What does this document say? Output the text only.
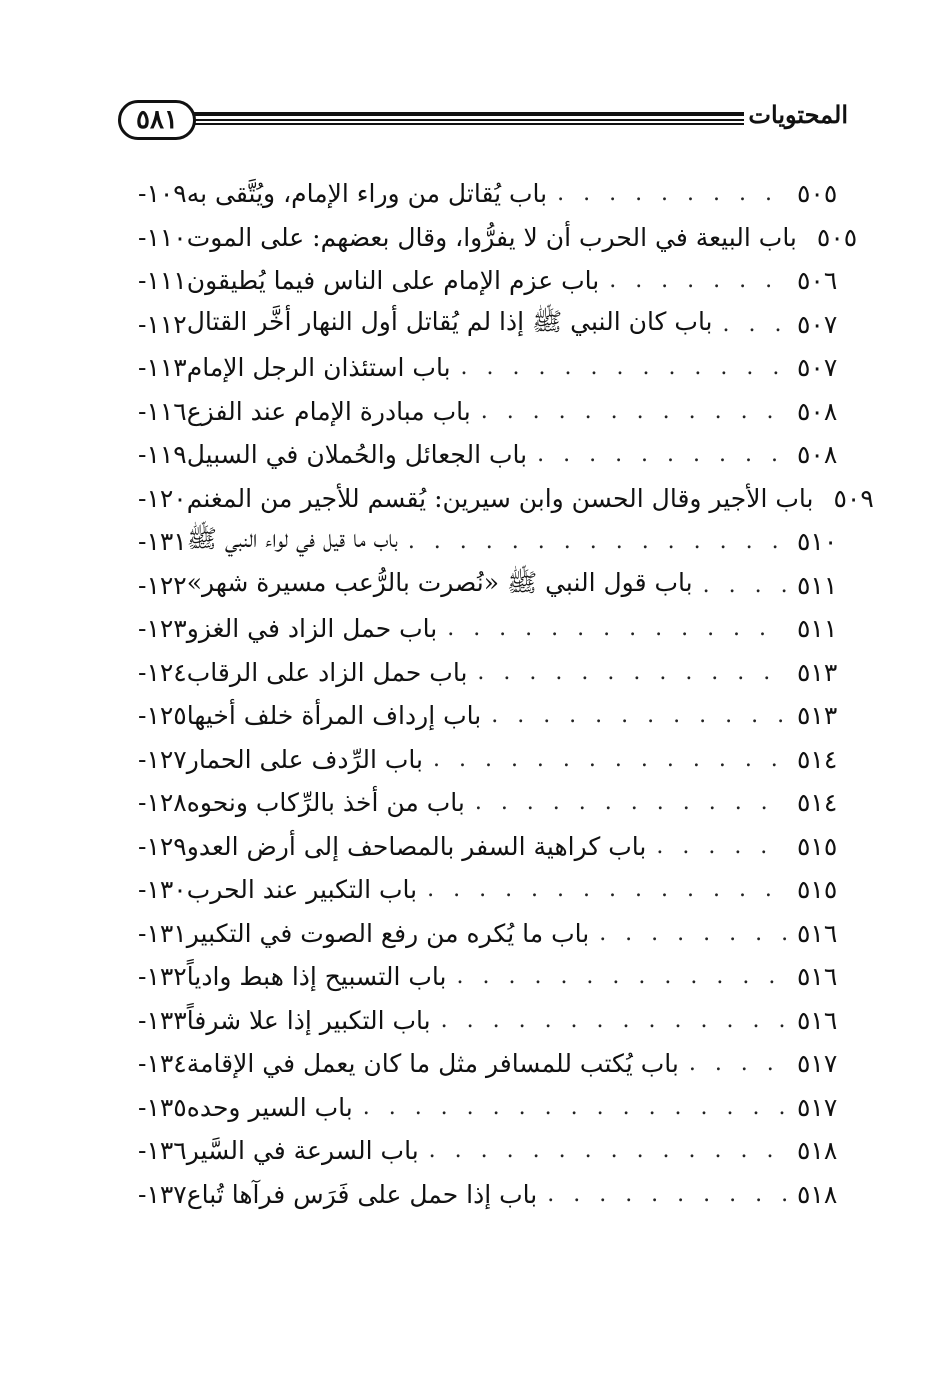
٥٨١	المحتويات
١٠٩- باب يُقاتل من وراء الإمام، ويُتَّقى به . . .	٥٠٥
١١٠- باب البيعة في الحرب أن لا يفرُّوا، وقال بعضهم: على الموت ٥٠٥
١١١- باب عزم الإمام على الناس فيما يُطيقون . . .	٥٠٦
١١٢- باب كان النبي ﷺ إذا لم يُقاتل أول النهار أخَّر القتال . . .	٥٠٧
١١٣- باب استئذان الرجل الإمام . . .	٥٠٧
١١٦- باب مبادرة الإمام عند الفزع . . .	٥٠٨
١١٩- باب الجعائل والحُملان في السبيل . . .	٥٠٨
١٢٠- باب الأجير وقال الحسن وابن سيرين: يُقسم للأجير من المغنم ٥٠٩
١٣١- باب ما قيل في لواء النبي ﷺ . . .	٥١٠
١٢٢- باب قول النبي ﷺ «نُصرت بالرُّعب مسيرة شهر» . . .	٥١١
١٢٣- باب حمل الزاد في الغزو . . .	٥١١
١٢٤- باب حمل الزاد على الرقاب . . .	٥١٣
١٢٥- باب إرداف المرأة خلف أخيها . . .	٥١٣
١٢٧- باب الرِّدف على الحمار . . .	٥١٤
١٢٨- باب من أخذ بالرِّكاب ونحوه . . .	٥١٤
١٢٩- باب كراهية السفر بالمصاحف إلى أرض العدو . . .	٥١٥
١٣٠- باب التكبير عند الحرب . . .	٥١٥
١٣١- باب ما يُكره من رفع الصوت في التكبير . . .	٥١٦
١٣٢- باب التسبيح إذا هبط وادياً . . .	٥١٦
١٣٣- باب التكبير إذا علا شرفاً . . .	٥١٦
١٣٤- باب يُكتب للمسافر مثل ما كان يعمل في الإقامة . . .	٥١٧
١٣٥- باب السير وحده . . .	٥١٧
١٣٦- باب السرعة في السَّير . . .	٥١٨
١٣٧- باب إذا حمل على فَرَس فرآها تُباع . . .	٥١٨
